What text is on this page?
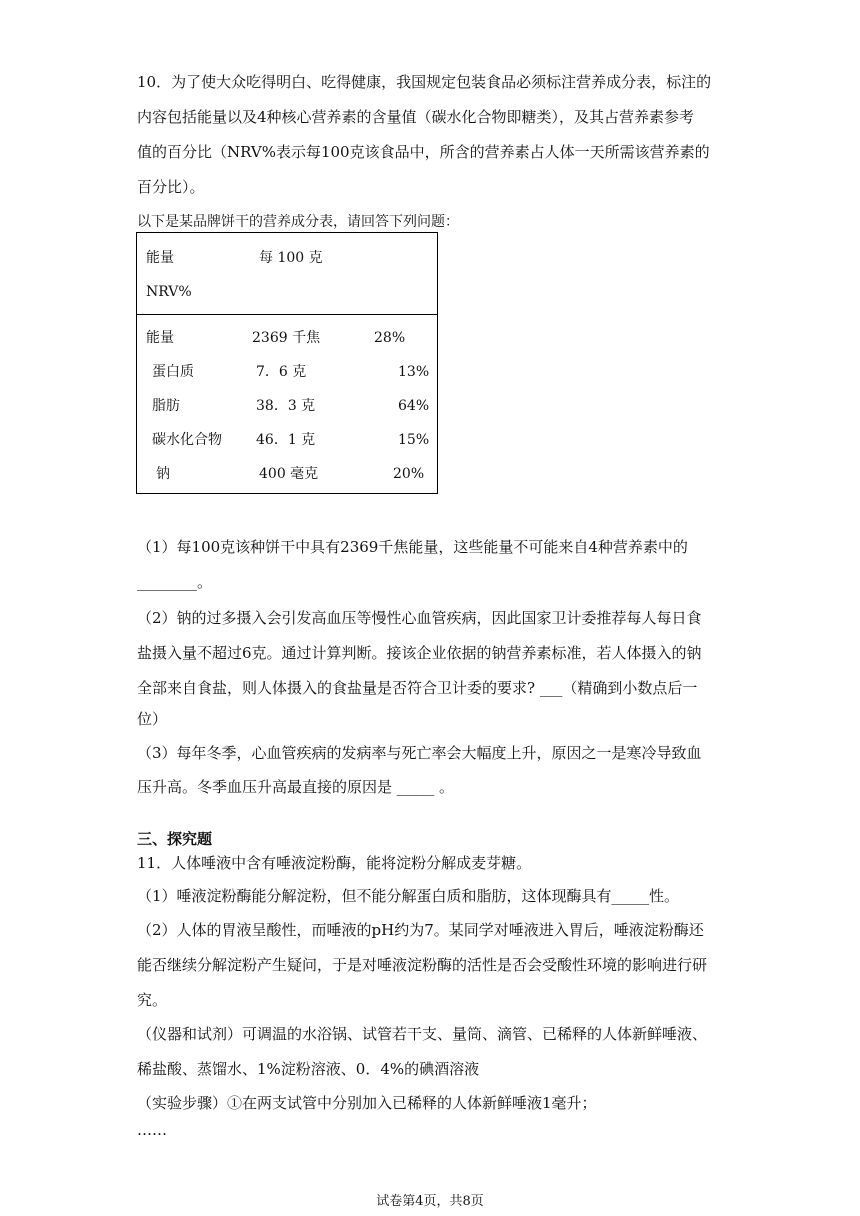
10．为了使大众吃得明白、吃得健康，我国规定包装食品必须标注营养成分表，标注的
内容包括能量以及4种核心营养素的含量值（碳水化合物即糖类），及其占营养素参考
值的百分比（NRV%表示每100克该食品中，所含的营养素占人体一天所需该营养素的
百分比）。
以下是某品牌饼干的营养成分表，请回答下列问题：
能量	每 100 克
NRV%
能量	2369 千焦	28%
蛋白质	7．6 克	13%
脂肪	38．3 克	64%
碳水化合物 46．1 克	15%
钠	400 毫克	20%
（1）每100克该种饼干中具有2369千焦能量，这些能量不可能来自4种营养素中的
________。
（2）钠的过多摄入会引发高血压等慢性心血管疾病，因此国家卫计委推荐每人每日食
盐摄入量不超过6克。通过计算判断。接该企业依据的钠营养素标准，若人体摄入的钠
全部来自食盐，则人体摄入的食盐量是否符合卫计委的要求? ___（精确到小数点后一
位）
（3）每年冬季，心血管疾病的发病率与死亡率会大幅度上升，原因之一是寒冷导致血
压升高。冬季血压升高最直接的原因是 _____ 。
三、探究题
11．人体唾液中含有唾液淀粉酶，能将淀粉分解成麦芽糖。
（1）唾液淀粉酶能分解淀粉，但不能分解蛋白质和脂肪，这体现酶具有_____性。
（2）人体的胃液呈酸性，而唾液的pH约为7。某同学对唾液进入胃后，唾液淀粉酶还
能否继续分解淀粉产生疑问，于是对唾液淀粉酶的活性是否会受酸性环境的影响进行研
究。
（仪器和试剂）可调温的水浴锅、试管若干支、量筒、滴管、已稀释的人体新鲜唾液、
稀盐酸、蒸馏水、1%淀粉溶液、0．4%的碘酒溶液
（实验步骤）①在两支试管中分别加入已稀释的人体新鲜唾液1毫升；
……
试卷第4页，共8页
